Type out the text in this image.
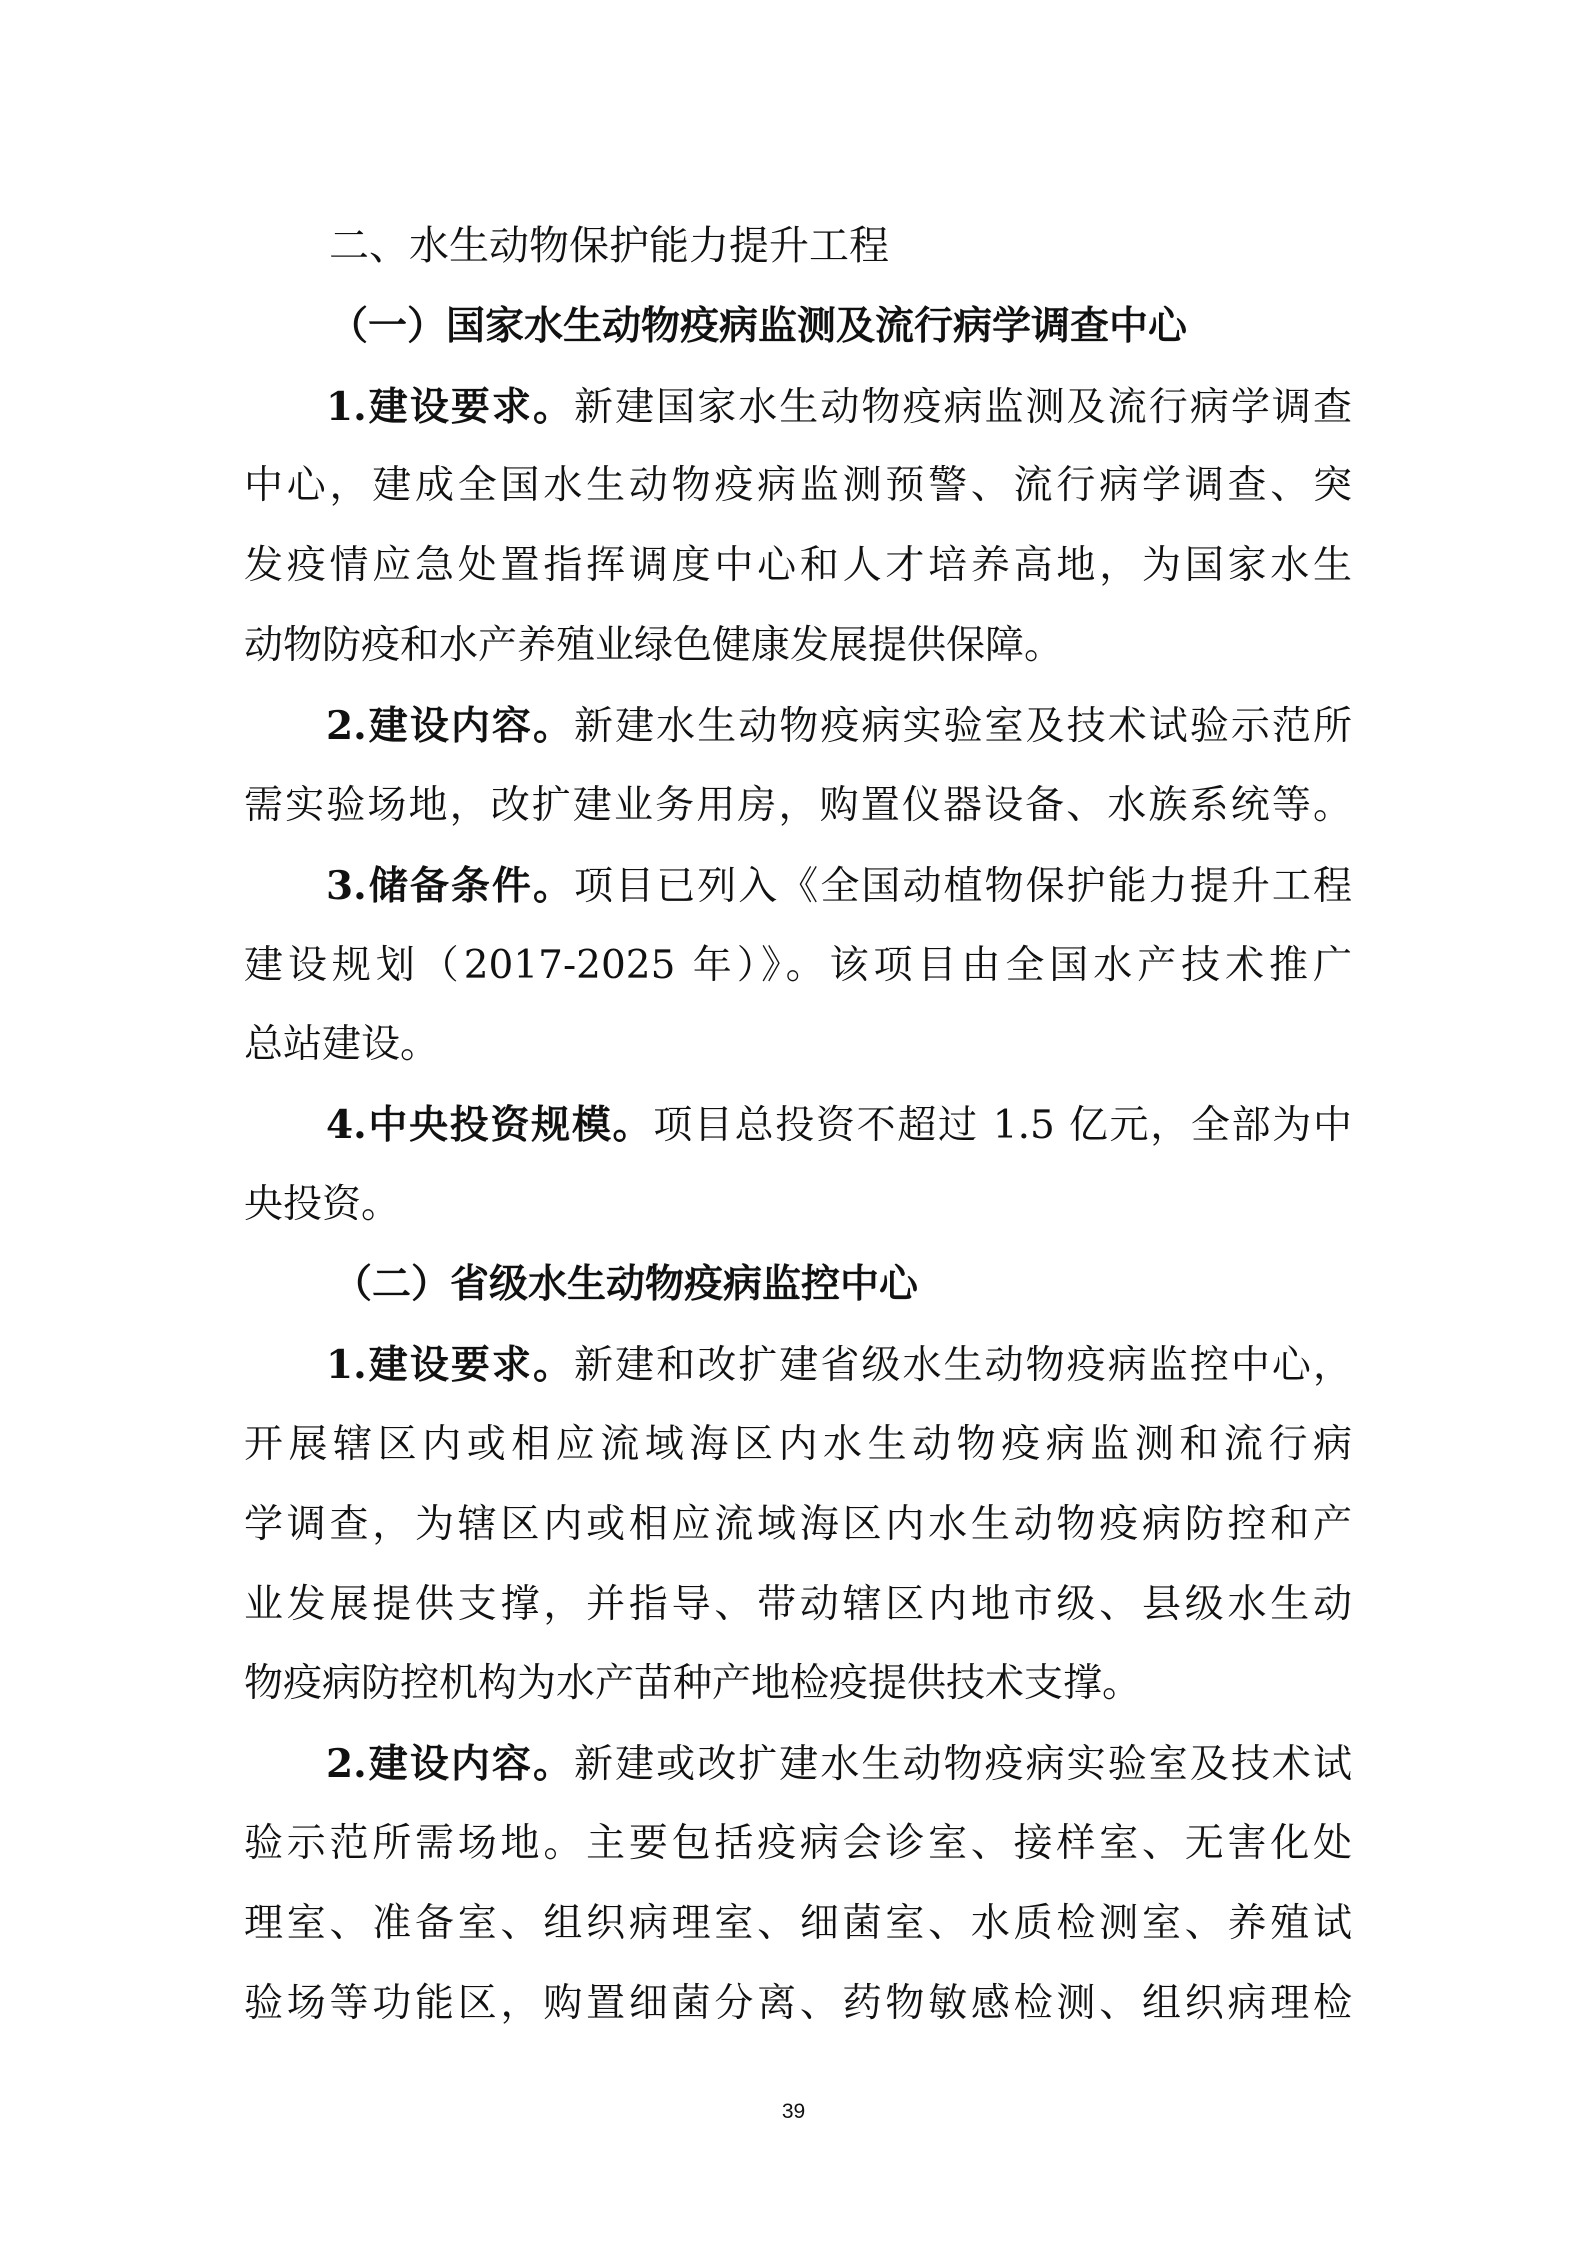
二、水生动物保护能力提升工程
（一）国家水生动物疫病监测及流行病学调查中心
1.建设要求。新建国家水生动物疫病监测及流行病学调查
中心，建成全国水生动物疫病监测预警、流行病学调查、突
发疫情应急处置指挥调度中心和人才培养高地，为国家水生
动物防疫和水产养殖业绿色健康发展提供保障。
2.建设内容。新建水生动物疫病实验室及技术试验示范所
需实验场地，改扩建业务用房，购置仪器设备、水族系统等。
3.储备条件。项目已列入《全国动植物保护能力提升工程
建设规划（2017-2025 年）》。该项目由全国水产技术推广
总站建设。
4.中央投资规模。项目总投资不超过 1.5 亿元，全部为中
央投资。
（二）省级水生动物疫病监控中心
1.建设要求。新建和改扩建省级水生动物疫病监控中心，
开展辖区内或相应流域海区内水生动物疫病监测和流行病
学调查，为辖区内或相应流域海区内水生动物疫病防控和产
业发展提供支撑，并指导、带动辖区内地市级、县级水生动
物疫病防控机构为水产苗种产地检疫提供技术支撑。
2.建设内容。新建或改扩建水生动物疫病实验室及技术试
验示范所需场地。主要包括疫病会诊室、接样室、无害化处
理室、准备室、组织病理室、细菌室、水质检测室、养殖试
验场等功能区，购置细菌分离、药物敏感检测、组织病理检
39
